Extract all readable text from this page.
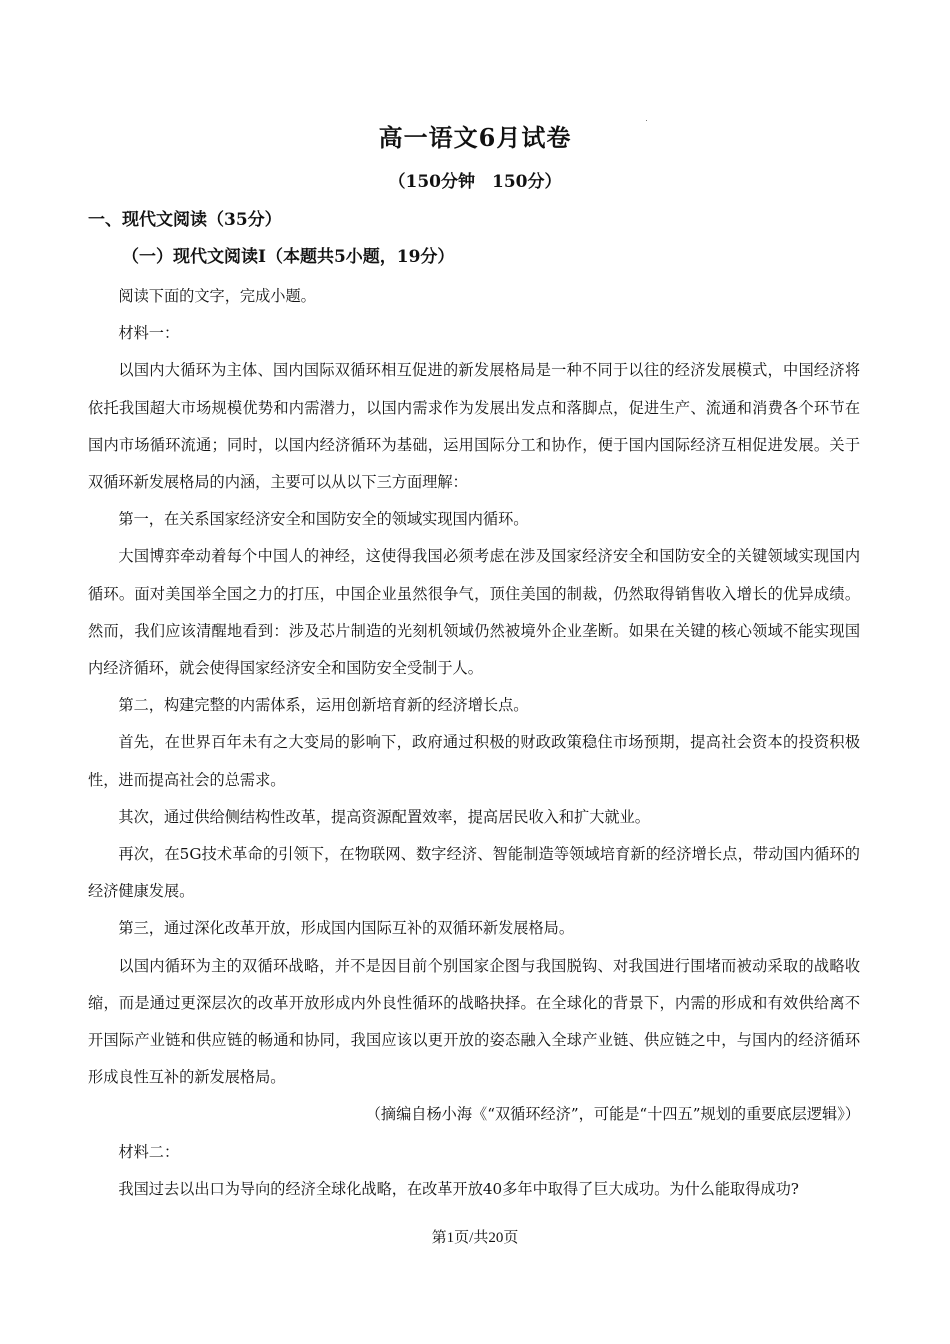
高一语文6月试卷
（150分钟　150分）
一、现代文阅读（35分）
（一）现代文阅读Ⅰ（本题共5小题，19分）

阅读下面的文字，完成小题。

材料一：

以国内大循环为主体、国内国际双循环相互促进的新发展格局是一种不同于以往的经济发展模式，中国经济将依托我国超大市场规模优势和内需潜力，以国内需求作为发展出发点和落脚点，促进生产、流通和消费各个环节在国内市场循环流通；同时，以国内经济循环为基础，运用国际分工和协作，便于国内国际经济互相促进发展。关于双循环新发展格局的内涵，主要可以从以下三方面理解：

第一，在关系国家经济安全和国防安全的领域实现国内循环。

大国博弈牵动着每个中国人的神经，这使得我国必须考虑在涉及国家经济安全和国防安全的关键领域实现国内循环。面对美国举全国之力的打压，中国企业虽然很争气，顶住美国的制裁，仍然取得销售收入增长的优异成绩。然而，我们应该清醒地看到：涉及芯片制造的光刻机领域仍然被境外企业垄断。如果在关键的核心领域不能实现国内经济循环，就会使得国家经济安全和国防安全受制于人。

第二，构建完整的内需体系，运用创新培育新的经济增长点。

首先，在世界百年未有之大变局的影响下，政府通过积极的财政政策稳住市场预期，提高社会资本的投资积极性，进而提高社会的总需求。

其次，通过供给侧结构性改革，提高资源配置效率，提高居民收入和扩大就业。

再次，在5G技术革命的引领下，在物联网、数字经济、智能制造等领域培育新的经济增长点，带动国内循环的经济健康发展。

第三，通过深化改革开放，形成国内国际互补的双循环新发展格局。

以国内循环为主的双循环战略，并不是因目前个别国家企图与我国脱钩、对我国进行围堵而被动采取的战略收缩，而是通过更深层次的改革开放形成内外良性循环的战略抉择。在全球化的背景下，内需的形成和有效供给离不开国际产业链和供应链的畅通和协同，我国应该以更开放的姿态融入全球产业链、供应链之中，与国内的经济循环形成良性互补的新发展格局。

（摘编自杨小海《“双循环经济”，可能是“十四五”规划的重要底层逻辑》）

材料二：

我国过去以出口为导向的经济全球化战略，在改革开放40多年中取得了巨大成功。为什么能取得成功?

第1页/共20页
